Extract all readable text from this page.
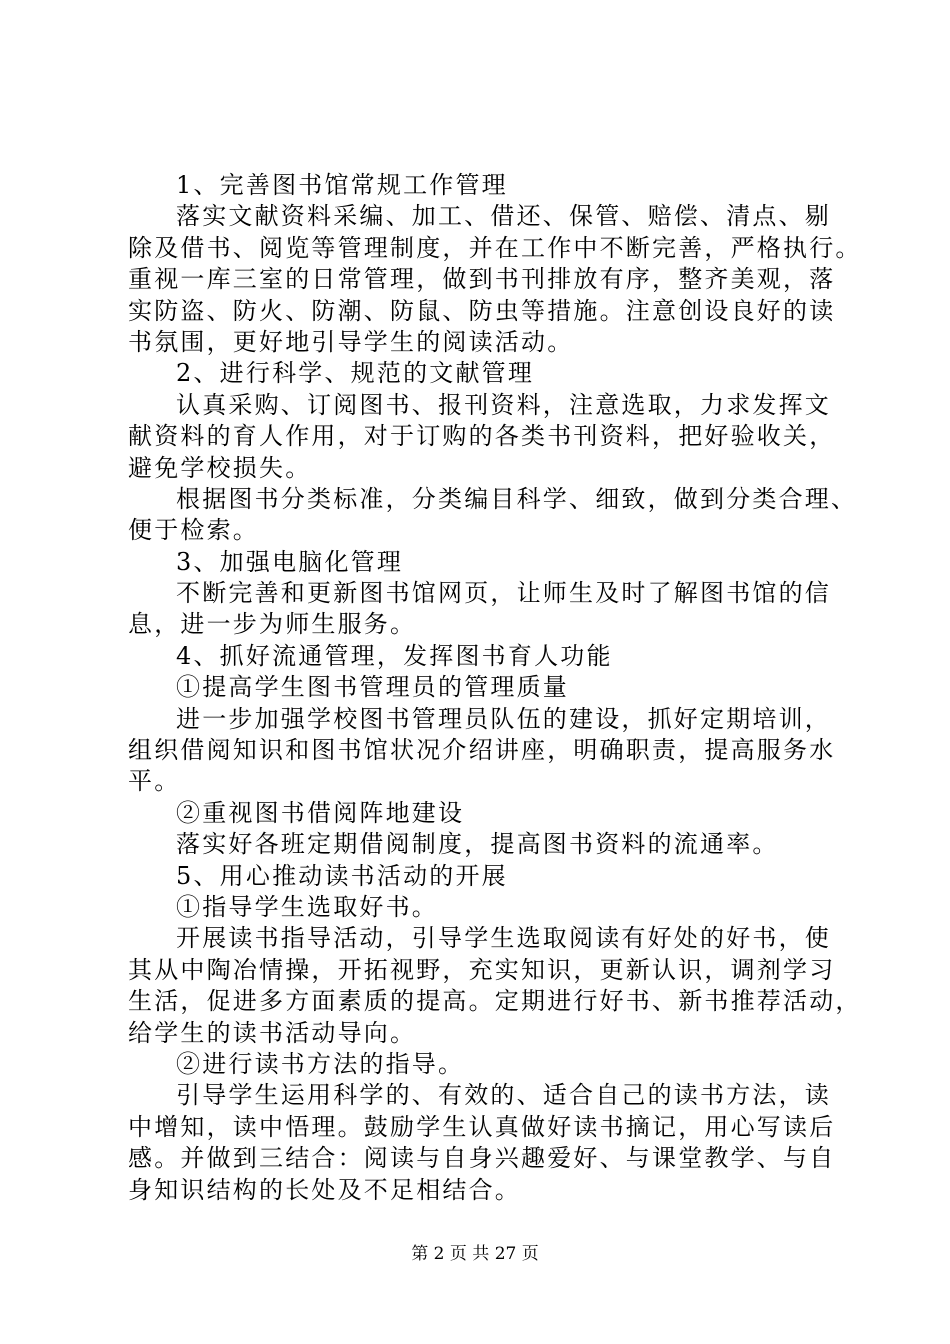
1、完善图书馆常规工作管理
落实文献资料采编、加工、借还、保管、赔偿、清点、剔
除及借书、阅览等管理制度，并在工作中不断完善，严格执行。
重视一库三室的日常管理，做到书刊排放有序，整齐美观，落
实防盗、防火、防潮、防鼠、防虫等措施。注意创设良好的读
书氛围，更好地引导学生的阅读活动。
2、进行科学、规范的文献管理
认真采购、订阅图书、报刊资料，注意选取，力求发挥文
献资料的育人作用，对于订购的各类书刊资料，把好验收关，
避免学校损失。
根据图书分类标准，分类编目科学、细致，做到分类合理、
便于检索。
3、加强电脑化管理
不断完善和更新图书馆网页，让师生及时了解图书馆的信
息，进一步为师生服务。
4、抓好流通管理，发挥图书育人功能
①提高学生图书管理员的管理质量
进一步加强学校图书管理员队伍的建设，抓好定期培训，
组织借阅知识和图书馆状况介绍讲座，明确职责，提高服务水
平。
②重视图书借阅阵地建设
落实好各班定期借阅制度，提高图书资料的流通率。
5、用心推动读书活动的开展
①指导学生选取好书。
开展读书指导活动，引导学生选取阅读有好处的好书，使
其从中陶冶情操，开拓视野，充实知识，更新认识，调剂学习
生活，促进多方面素质的提高。定期进行好书、新书推荐活动，
给学生的读书活动导向。
②进行读书方法的指导。
引导学生运用科学的、有效的、适合自己的读书方法，读
中增知，读中悟理。鼓励学生认真做好读书摘记，用心写读后
感。并做到三结合：阅读与自身兴趣爱好、与课堂教学、与自
身知识结构的长处及不足相结合。
第 2 页 共 27 页
